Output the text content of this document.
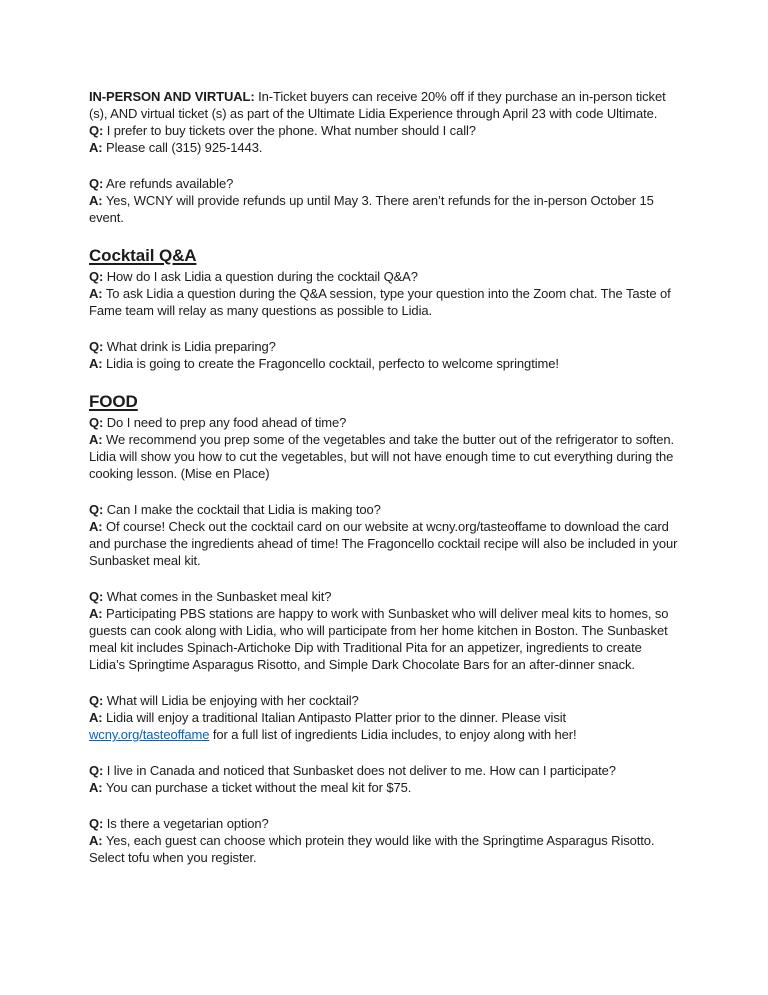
IN-PERSON AND VIRTUAL: In-Ticket buyers can receive 20% off if they purchase an in-person ticket (s), AND virtual ticket (s) as part of the Ultimate Lidia Experience through April 23 with code Ultimate.

Q: I prefer to buy tickets over the phone. What number should I call?

A: Please call (315) 925-1443.

Q: Are refunds available?

A: Yes, WCNY will provide refunds up until May 3. There aren’t refunds for the in-person October 15 event.

Cocktail Q&A

Q: How do I ask Lidia a question during the cocktail Q&A?

A: To ask Lidia a question during the Q&A session, type your question into the Zoom chat. The Taste of Fame team will relay as many questions as possible to Lidia.

Q: What drink is Lidia preparing?

A: Lidia is going to create the Fragoncello cocktail, perfecto to welcome springtime!

FOOD

Q: Do I need to prep any food ahead of time?

A: We recommend you prep some of the vegetables and take the butter out of the refrigerator to soften. Lidia will show you how to cut the vegetables, but will not have enough time to cut everything during the cooking lesson. (Mise en Place)

Q: Can I make the cocktail that Lidia is making too?

A: Of course! Check out the cocktail card on our website at wcny.org/tasteoffame to download the card and purchase the ingredients ahead of time! The Fragoncello cocktail recipe will also be included in your Sunbasket meal kit.

Q: What comes in the Sunbasket meal kit?

A: Participating PBS stations are happy to work with Sunbasket who will deliver meal kits to homes, so guests can cook along with Lidia, who will participate from her home kitchen in Boston. The Sunbasket meal kit includes Spinach-Artichoke Dip with Traditional Pita for an appetizer, ingredients to create Lidia’s Springtime Asparagus Risotto, and Simple Dark Chocolate Bars for an after-dinner snack.

Q: What will Lidia be enjoying with her cocktail?

A: Lidia will enjoy a traditional Italian Antipasto Platter prior to the dinner. Please visit wcny.org/tasteoffame for a full list of ingredients Lidia includes, to enjoy along with her!

Q: I live in Canada and noticed that Sunbasket does not deliver to me. How can I participate?

A: You can purchase a ticket without the meal kit for $75.

Q: Is there a vegetarian option?

A: Yes, each guest can choose which protein they would like with the Springtime Asparagus Risotto. Select tofu when you register.
